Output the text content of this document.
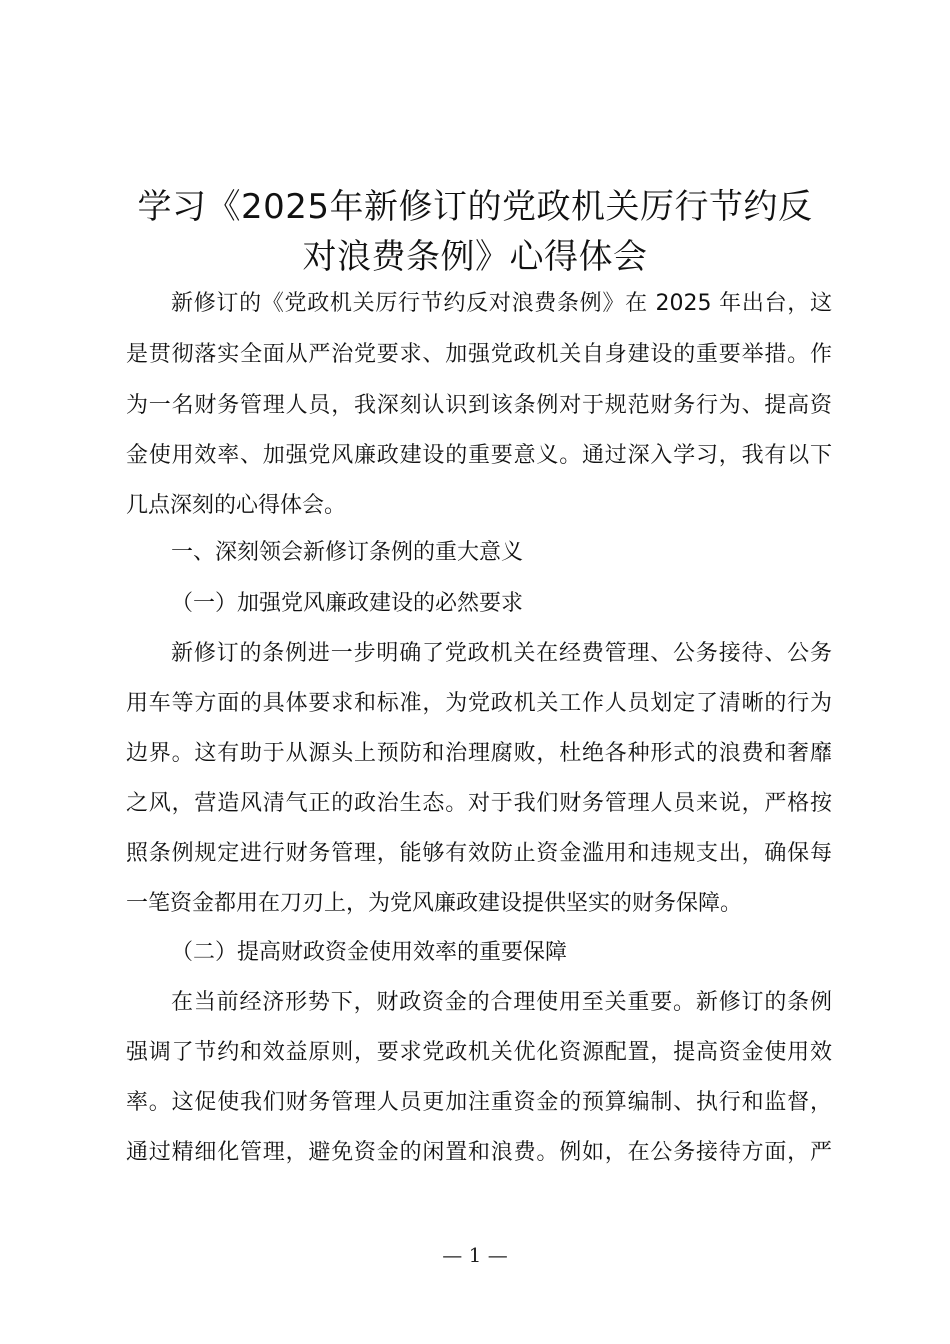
学习《2025年新修订的党政机关厉行节约反
对浪费条例》心得体会

新修订的《党政机关厉行节约反对浪费条例》在 2025 年出台，这

是贯彻落实全面从严治党要求、加强党政机关自身建设的重要举措。作

为一名财务管理人员，我深刻认识到该条例对于规范财务行为、提高资

金使用效率、加强党风廉政建设的重要意义。通过深入学习，我有以下

几点深刻的心得体会。

一、深刻领会新修订条例的重大意义

（一）加强党风廉政建设的必然要求

新修订的条例进一步明确了党政机关在经费管理、公务接待、公务

用车等方面的具体要求和标准，为党政机关工作人员划定了清晰的行为

边界。这有助于从源头上预防和治理腐败，杜绝各种形式的浪费和奢靡

之风，营造风清气正的政治生态。对于我们财务管理人员来说，严格按

照条例规定进行财务管理，能够有效防止资金滥用和违规支出，确保每

一笔资金都用在刀刃上，为党风廉政建设提供坚实的财务保障。

（二）提高财政资金使用效率的重要保障

在当前经济形势下，财政资金的合理使用至关重要。新修订的条例

强调了节约和效益原则，要求党政机关优化资源配置，提高资金使用效

率。这促使我们财务管理人员更加注重资金的预算编制、执行和监督，

通过精细化管理，避免资金的闲置和浪费。例如，在公务接待方面，严

— 1 —
